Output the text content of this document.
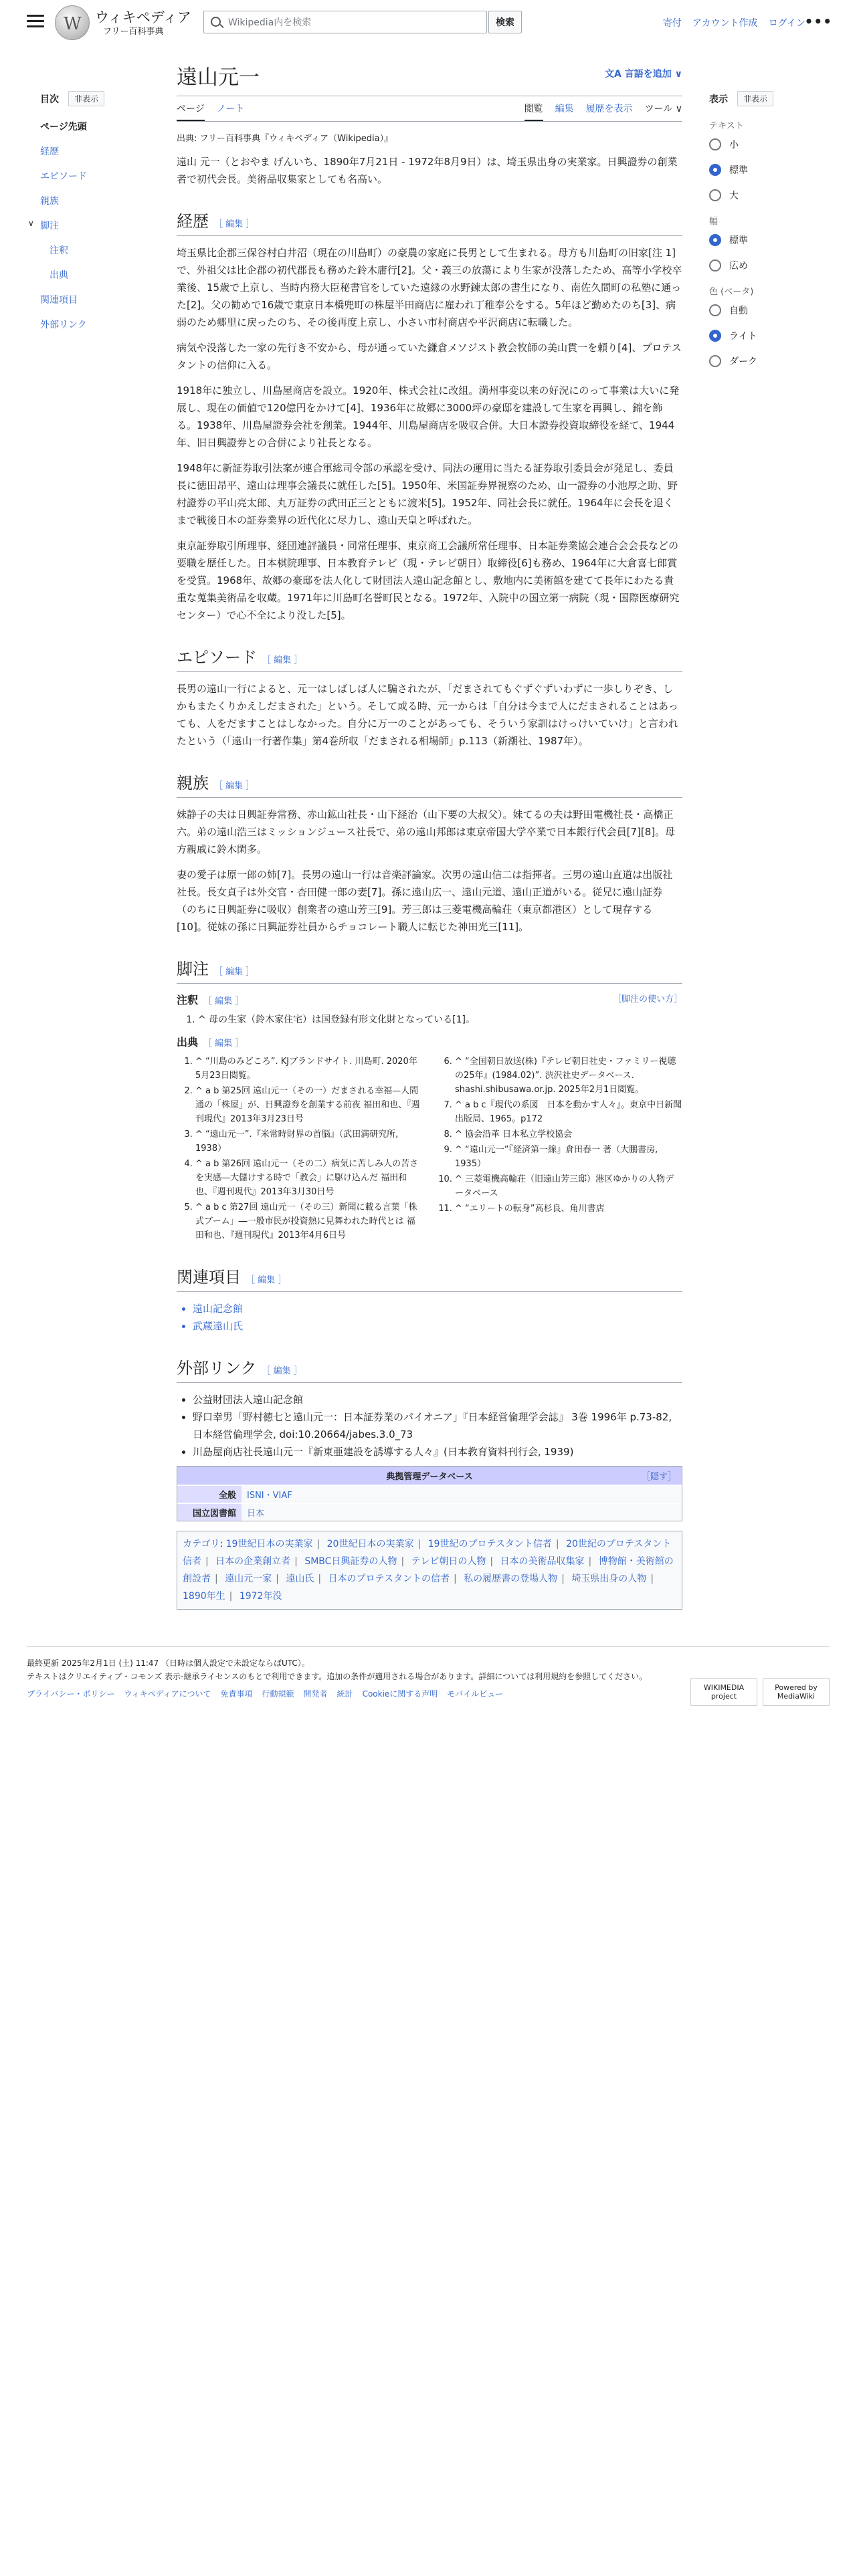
W ウィキペディア
フリー百科事典
Wikipedia内を検索	検索	寄付 アカウント作成 ログイン
•••
目次	非表示
ページ先頭
経歴
エピソード
親族
∨ 脚注
注釈
出典
関連項目
外部リンク
遠山元一	文A 言語を追加 ∨
ページ ノート	閲覧 編集 履歴を表示 ツール ∨
出典: フリー百科事典『ウィキペディア（Wikipedia）』

遠山 元一（とおやま げんいち、1890年7月21日 - 1972年8月9日）は、埼玉県出身の実業家。日興證券の創業者で初代会長。美術品収集家としても名高い。

経歴 ［ 編集 ］

埼玉県比企郡三保谷村白井沼（現在の川島町）の豪農の家庭に長男として生まれる。母方も川島町の旧家[注 1]で、外祖父は比企郡の初代郡長も務めた鈴木庸行[2]。父・義三の放蕩により生家が没落したため、高等小学校卒業後、15歳で上京し、当時内務大臣秘書官をしていた遠縁の水野錬太郎の書生になり、南佐久間町の私塾に通った[2]。父の勧めで16歳で東京日本橋兜町の株屋半田商店に雇われ丁稚奉公をする。5年ほど勤めたのち[3]、病弱のため郷里に戻ったのち、その後再度上京し、小さい市村商店や平沢商店に転職した。

病気や没落した一家の先行き不安から、母が通っていた鎌倉メソジスト教会牧師の美山貫一を頼り[4]、プロテスタントの信仰に入る。

1918年に独立し、川島屋商店を設立。1920年、株式会社に改組。満州事変以来の好況にのって事業は大いに発展し、現在の価値で120億円をかけて[4]、1936年に故郷に3000坪の豪邸を建設して生家を再興し、錦を飾る。1938年、川島屋證券会社を創業。1944年、川島屋商店を吸収合併。大日本證券投資取締役を経て、1944年、旧日興證券との合併により社長となる。

1948年に新証券取引法案が連合軍総司令部の承認を受け、同法の運用に当たる証券取引委員会が発足し、委員長に徳田昂平、遠山は理事会議長に就任した[5]。1950年、米国証券界視察のため、山一證券の小池厚之助、野村證券の平山亮太郎、丸万証券の武田正三とともに渡米[5]。1952年、同社会長に就任。1964年に会長を退くまで戦後日本の証券業界の近代化に尽力し、遠山天皇と呼ばれた。

東京証券取引所理事、経団連評議員・同常任理事、東京商工会議所常任理事、日本証券業協会連合会会長などの要職を歴任した。日本棋院理事、日本教育テレビ（現・テレビ朝日）取締役[6]も務め、1964年に大倉喜七郎賞を受賞。1968年、故郷の豪邸を法人化して財団法人遠山記念館とし、敷地内に美術館を建てて長年にわたる貴重な蒐集美術品を収蔵。1971年に川島町名誉町民となる。1972年、入院中の国立第一病院（現・国際医療研究センター）で心不全により没した[5]。

エピソード ［ 編集 ］

長男の遠山一行によると、元一はしばしば人に騙されたが、「だまされてもぐずぐずいわずに一歩しりぞき、しかもまたくりかえしだまされた」という。そして或る時、元一からは「自分は今まで人にだまされることはあっても、人をだますことはしなかった。自分に万一のことがあっても、そういう家訓はけっけいていけ」と言われたという（「遠山一行著作集」第4巻所収「だまされる相場師」p.113（新潮社、1987年）。

親族 ［ 編集 ］

妹静子の夫は日興証券常務、赤山鉱山社長・山下経治（山下要の大叔父）。妹てるの夫は野田電機社長・高橋正六。弟の遠山浩三はミッションジュース社長で、弟の遠山邦郎は東京帝国大学卒業で日本銀行代会員[7][8]。母方親戚に鈴木閑多。

妻の愛子は原一郎の姉[7]。長男の遠山一行は音楽評論家。次男の遠山信二は指揮者。三男の遠山直道は出版社社長。長女貞子は外交官・杏田健一郎の妻[7]。孫に遠山広一、遠山元道、遠山正道がいる。従兄に遠山証券（のちに日興証券に吸収）創業者の遠山芳三[9]。芳三郎は三菱電機高輪荘（東京都港区）として現存する[10]。従妹の孫に日興証券社員からチョコレート職人に転じた神田光三[11]。

脚注 ［ 編集 ］
注釈 ［ 編集 ］	［脚注の使い方］
1. ^ 母の生家（鈴木家住宅）は国登録有形文化財となっている[1]。
出典 ［ 編集 ］
1. ^ “川島のみどころ”. KJブランドサイト. 川島町. 2020年5月23日閲覧。
2. ^ a b 第25回 遠山元一（その一）だまされる幸福—人間通の「株屋」が、日興證券を創業する前夜 福田和也、『週刊現代』2013年3月23日号
3. ^ “遠山元一”.『米常時財界の首脳』（武田満研究所, 1938）
4. ^ a b 第26回 遠山元一（その二）病気に苦しみ人の苦さを実感―大儲けする時で「教会」に駆け込んだ 福田和也、『週刊現代』2013年3月30日号
5. ^ a b c 第27回 遠山元一（その三）新聞に載る言葉「株式ブーム」―一般市民が投資熱に見舞われた時代とは 福田和也、『週刊現代』2013年4月6日号
6. ^ “全国朝日放送(株)『テレビ朝日社史・ファミリー視聴の25年』(1984.02)”. 渋沢社史データベース. shashi.shibusawa.or.jp. 2025年2月1日閲覧。
7. ^ a b c『現代の系図　日本を動かす人々』。東京中日新聞出版局、1965。p172
8. ^ 協会沿革 日本私立学校協会
9. ^ “遠山元一”『経済第一線』倉田春一 著（大鵬書房, 1935）
10. ^ 三菱電機高輪荘（旧遠山芳三邸）港区ゆかりの人物データベース
11. ^ “エリートの転身”高杉良、角川書店
関連項目 ［ 編集 ］
• 遠山記念館
• 武蔵遠山氏
外部リンク ［ 編集 ］
• 公益財団法人遠山記念館
• 野口幸男「野村徳七と遠山元一：日本証券業のパイオニア」『日本経営倫理学会誌』 3巻 1996年 p.73-82, 日本経営倫理学会, doi:10.20664/jabes.3.0_73
• 川島屋商店社長遠山元一『新東亜建設を誘導する人々』(日本教育資料刊行会, 1939)
典拠管理データベース	［隠す］
全般	ISNI・VIAF
国立図書館	日本
カテゴリ: 19世紀日本の実業家 | 20世紀日本の実業家 | 19世紀のプロテスタント信者 | 20世紀のプロテスタント信者 | 日本の企業創立者 | SMBC日興証券の人物 | テレビ朝日の人物 | 日本の美術品収集家 | 博物館・美術館の創設者 | 遠山元一家 | 遠山氏 | 日本のプロテスタントの信者 | 私の履歴書の登場人物 | 埼玉県出身の人物 | 1890年生 | 1972年没
表示	非表示
テキスト
小
標準
大
幅
標準
広め
色 (ベータ)
自動
ライト
ダーク
最終更新 2025年2月1日 (土) 11:47 （日時は個人設定で未設定ならばUTC）。
テキストはクリエイティブ・コモンズ 表示-継承ライセンスのもとで利用できます。追加の条件が適用される場合があります。詳細については利用規約を参照してください。
プライバシー・ポリシー ウィキペディアについて 免責事項 行動規範 開発者 統計 Cookieに関する声明 モバイルビュー
WIKIMEDIA project
Powered by MediaWiki
